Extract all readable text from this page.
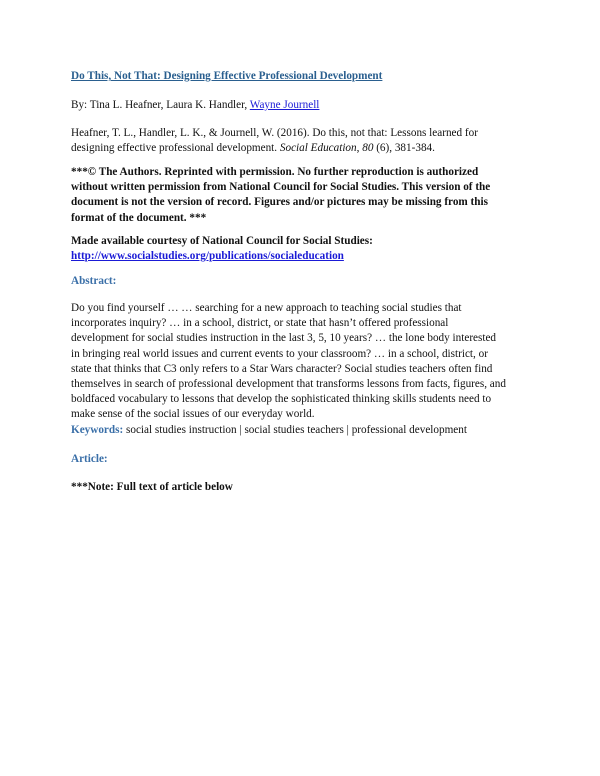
Do This, Not That: Designing Effective Professional Development
By: Tina L. Heafner, Laura K. Handler, Wayne Journell
Heafner, T. L., Handler, L. K., & Journell, W. (2016). Do this, not that: Lessons learned for
designing effective professional development. Social Education, 80 (6), 381-384.
***© The Authors. Reprinted with permission. No further reproduction is authorized
without written permission from National Council for Social Studies. This version of the
document is not the version of record. Figures and/or pictures may be missing from this
format of the document. ***
Made available courtesy of National Council for Social Studies:
http://www.socialstudies.org/publications/socialeducation
Abstract:
Do you find yourself … … searching for a new approach to teaching social studies that
incorporates inquiry? … in a school, district, or state that hasn’t offered professional
development for social studies instruction in the last 3, 5, 10 years? … the lone body interested
in bringing real world issues and current events to your classroom? … in a school, district, or
state that thinks that C3 only refers to a Star Wars character? Social studies teachers often find
themselves in search of professional development that transforms lessons from facts, figures, and
boldfaced vocabulary to lessons that develop the sophisticated thinking skills students need to
make sense of the social issues of our everyday world.
Keywords: social studies instruction | social studies teachers | professional development
Article:
***Note: Full text of article below
